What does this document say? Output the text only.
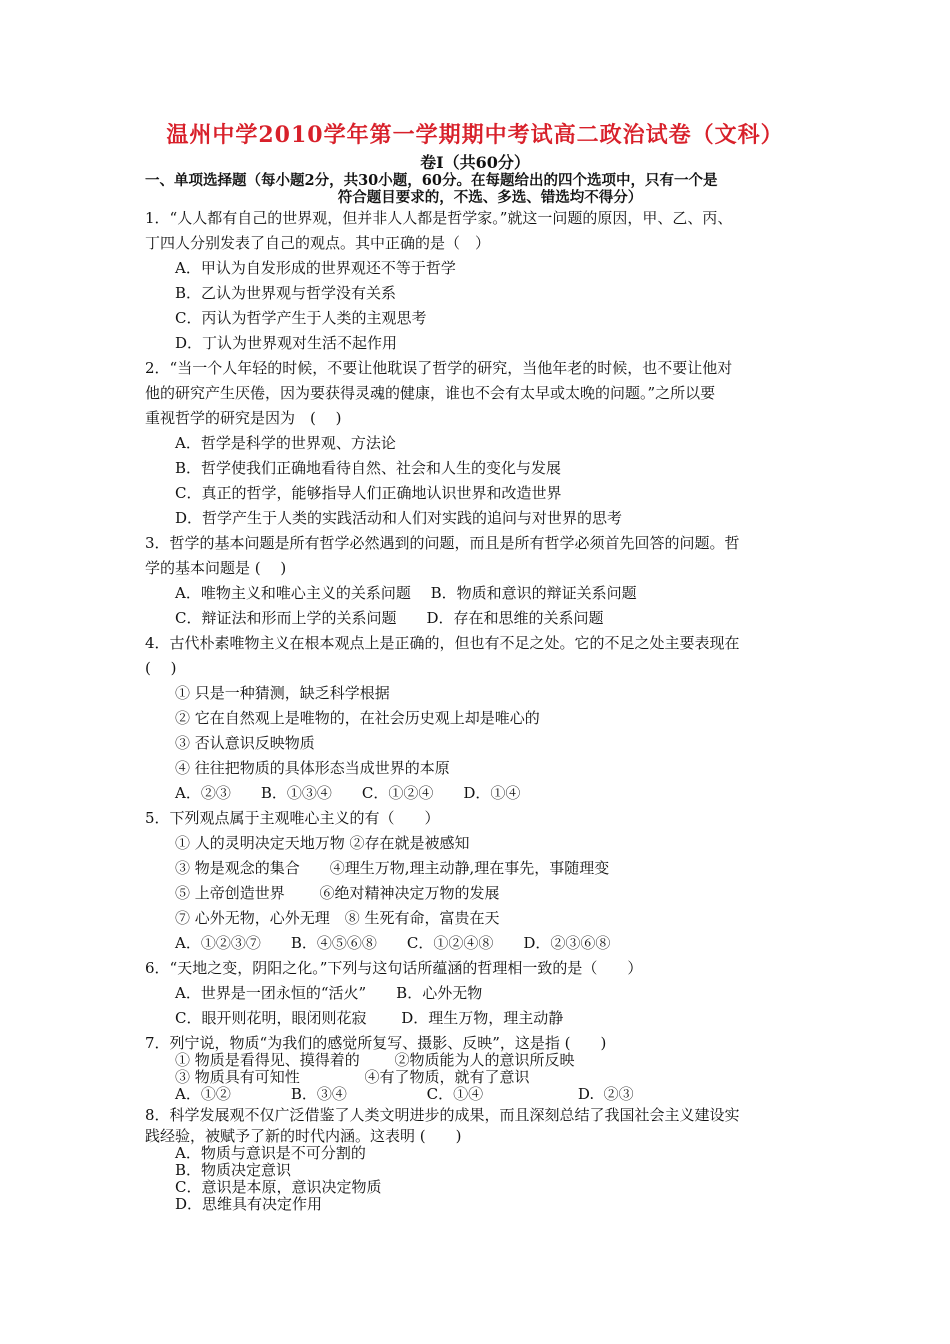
温州中学2010学年第一学期期中考试高二政治试卷（文科）
卷Ⅰ（共60分）
一、单项选择题（每小题2分，共30小题，60分。在每题给出的四个选项中，只有一个是
符合题目要求的，不选、多选、错选均不得分）
1．“人人都有自己的世界观，但并非人人都是哲学家。”就这一问题的原因，甲、乙、丙、
丁四人分别发表了自己的观点。其中正确的是（　）
A．甲认为自发形成的世界观还不等于哲学
B．乙认为世界观与哲学没有关系
C．丙认为哲学产生于人类的主观思考
D．丁认为世界观对生活不起作用
2．“当一个人年轻的时候，不要让他耽误了哲学的研究，当他年老的时候，也不要让他对
他的研究产生厌倦，因为要获得灵魂的健康，谁也不会有太早或太晚的问题。”之所以要
重视哲学的研究是因为　(　 )
A．哲学是科学的世界观、方法论
B．哲学使我们正确地看待自然、社会和人生的变化与发展
C．真正的哲学，能够指导人们正确地认识世界和改造世界
D．哲学产生于人类的实践活动和人们对实践的追问与对世界的思考
3．哲学的基本问题是所有哲学必然遇到的问题，而且是所有哲学必须首先回答的问题。哲
学的基本问题是 (　 )
A．唯物主义和唯心主义的关系问题　 B．物质和意识的辩证关系问题
C．辩证法和形而上学的关系问题　　D．存在和思维的关系问题
4．古代朴素唯物主义在根本观点上是正确的，但也有不足之处。它的不足之处主要表现在
(　 )
① 只是一种猜测，缺乏科学根据
② 它在自然观上是唯物的，在社会历史观上却是唯心的
③ 否认意识反映物质
④ 往往把物质的具体形态当成世界的本原
A．②③　　B．①③④　　C．①②④　　D．①④
5．下列观点属于主观唯心主义的有（　　）
① 人的灵明决定天地万物 ②存在就是被感知
③ 物是观念的集合　　④理生万物,理主动静,理在事先，事随理变
⑤ 上帝创造世界　　 ⑥绝对精神决定万物的发展
⑦ 心外无物，心外无理　⑧ 生死有命，富贵在天
A．①②③⑦　　B．④⑤⑥⑧　　C．①②④⑧　　D．②③⑥⑧
6．“天地之变，阴阳之化。”下列与这句话所蕴涵的哲理相一致的是（　　）
A．世界是一团永恒的“活火”　　B．心外无物
C．眼开则花明，眼闭则花寂　　 D．理生万物，理主动静
7．列宁说，物质“为我们的感觉所复写、摄影、反映”，这是指 (　　)
① 物质是看得见、摸得着的　　 ②物质能为人的意识所反映
③ 物质具有可知性　　　　 ④有了物质，就有了意识
A．①②　　　　B．③④　　　　　 C．①④　　　　　　 D.  ②③
8．科学发展观不仅广泛借鉴了人类文明进步的成果，而且深刻总结了我国社会主义建设实
践经验，被赋予了新的时代内涵。这表明 (　　)
A．物质与意识是不可分割的
B．物质决定意识
C．意识是本原，意识决定物质
D．思维具有决定作用
